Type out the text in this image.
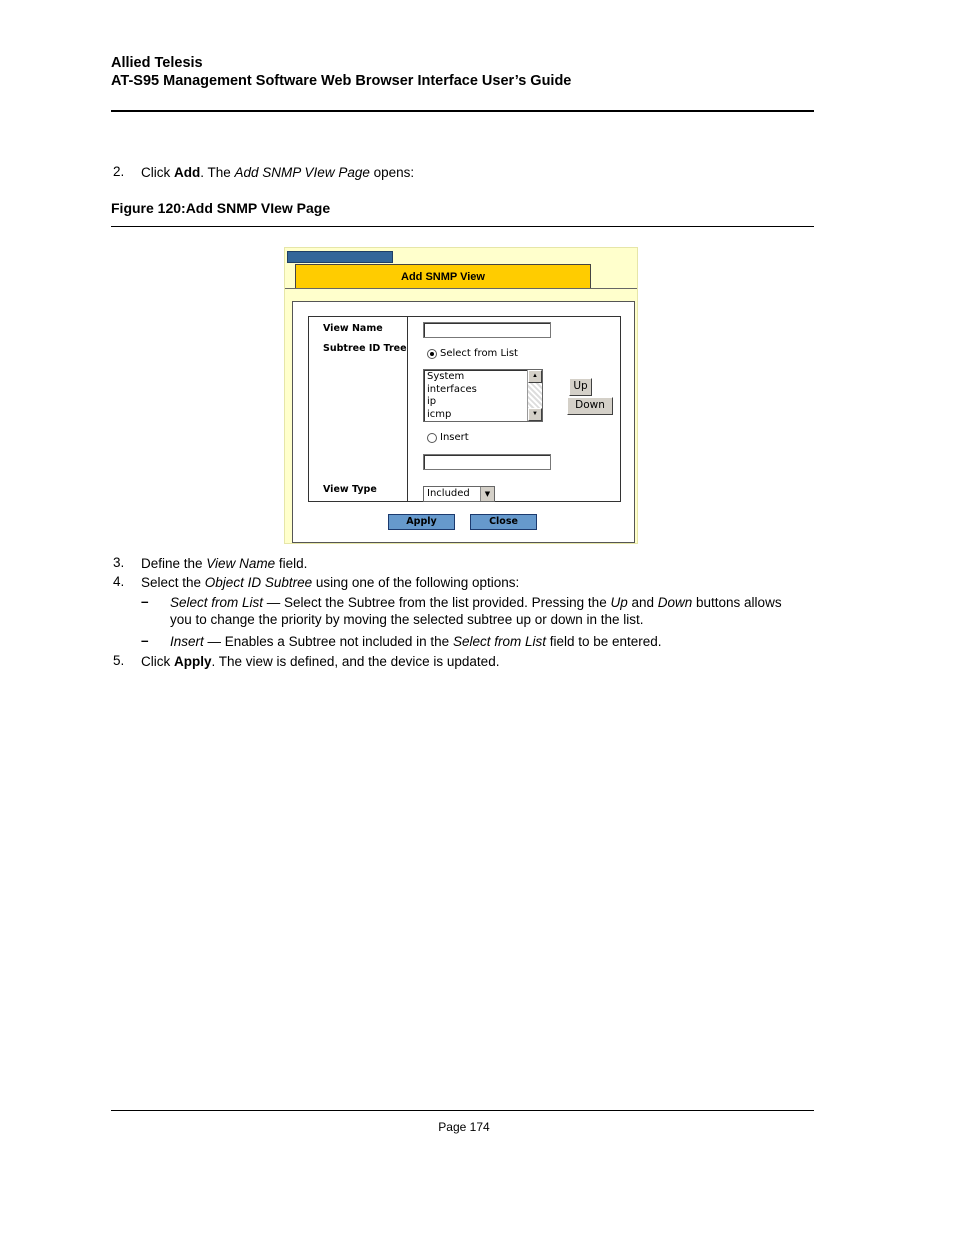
Allied Telesis
AT-S95 Management Software Web Browser Interface User’s Guide
2. Click Add. The Add SNMP VIew Page opens:
Figure 120:Add SNMP VIew Page
Add SNMP View
View Name
Subtree ID Tree
View Type
Select from List
System
interfaces
ip
icmp
▲
▼
Insert
Included	▼
Up
Down
Apply	Close
3. Define the View Name field.
4. Select the Object ID Subtree using one of the following options:
– Select from List — Select the Subtree from the list provided. Pressing the Up and Down buttons allows
you to change the priority by moving the selected subtree up or down in the list.
– Insert — Enables a Subtree not included in the Select from List field to be entered.
5. Click Apply. The view is defined, and the device is updated.
Page 174
